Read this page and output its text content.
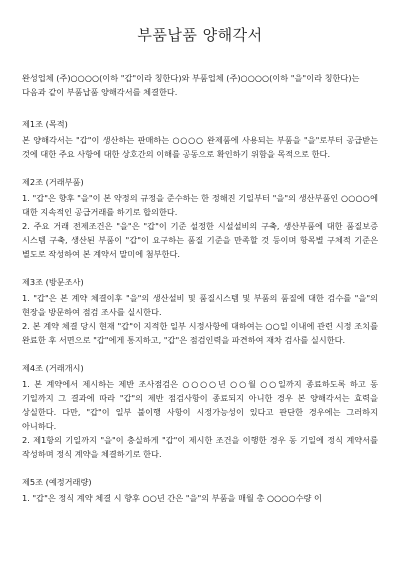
부품납품 양해각서

완성업체 (주)○○○○(이하 "갑"이라 칭한다)와 부품업체 (주)○○○○(이하 "을"이라 칭한다)는 다음과 같이 부품납품 양해각서를 체결한다.

제1조 (목적)

본 양해각서는 "갑"이 생산하는 판매하는 ○○○○ 완제품에 사용되는 부품을 "을"로부터 공급받는 것에 대한 주요 사항에 대한 상호간의 이해를 공동으로 확인하기 위함을 목적으로 한다.

제2조 (거래부품)

1. "갑"은 향후 "을"이 본 약정의 규정을 준수하는 한 정해진 기일부터 "을"의 생산부품인 ○○○○에 대한 지속적인 공급거래를 하기로 합의한다.

2. 주요 거래 전제조건은 "을"은 "갑"이 기준 설정한 시설설비의 구축, 생산부품에 대한 품질보증 시스템 구축, 생산된 부품이 "갑"이 요구하는 품질 기준을 만족할 것 등이며 항목별 구체적 기준은 별도로 작성하여 본 계약서 말미에 첨부한다.

제3조 (방문조사)

1. "갑"은 본 계약 체결이후 "을"의 생산설비 및 품질시스템 및 부품의 품질에 대한 검수를 "을"의 현장을 방문하여 점검 조사를 실시한다.

2. 본 계약 체결 당시 현재 "갑"이 지적한 일부 시정사항에 대하여는 ○○일 이내에 관련 시정 조치를 완료한 후 서면으로 "갑"에게 통지하고, "갑"은 점검인력을 파견하여 재차 검사를 실시한다.

제4조 (거래개시)

1. 본 계약에서 제시하는 제반 조사점검은 ○○○○년 ○○월 ○○일까지 종료하도록 하고 동 기일까지 그 결과에 따라 "갑"의 제반 점검사항이 종료되지 아니한 경우 본 양해각서는 효력을 상실한다. 다만, "갑"이 일부 불이행 사항이 시정가능성이 있다고 판단한 경우에는 그러하지 아니하다.

2. 제1항의 기일까지 "을"이 충실하게 "갑"이 제시한 조건을 이행한 경우 동 기일에 정식 계약서를 작성하며 정식 계약을 체결하기로 한다.

제5조 (예정거래량)

1. "갑"은 정식 계약 체결 시 향후 ○○년 간은 "을"의 부품을 매월 총 ○○○○수량 이
